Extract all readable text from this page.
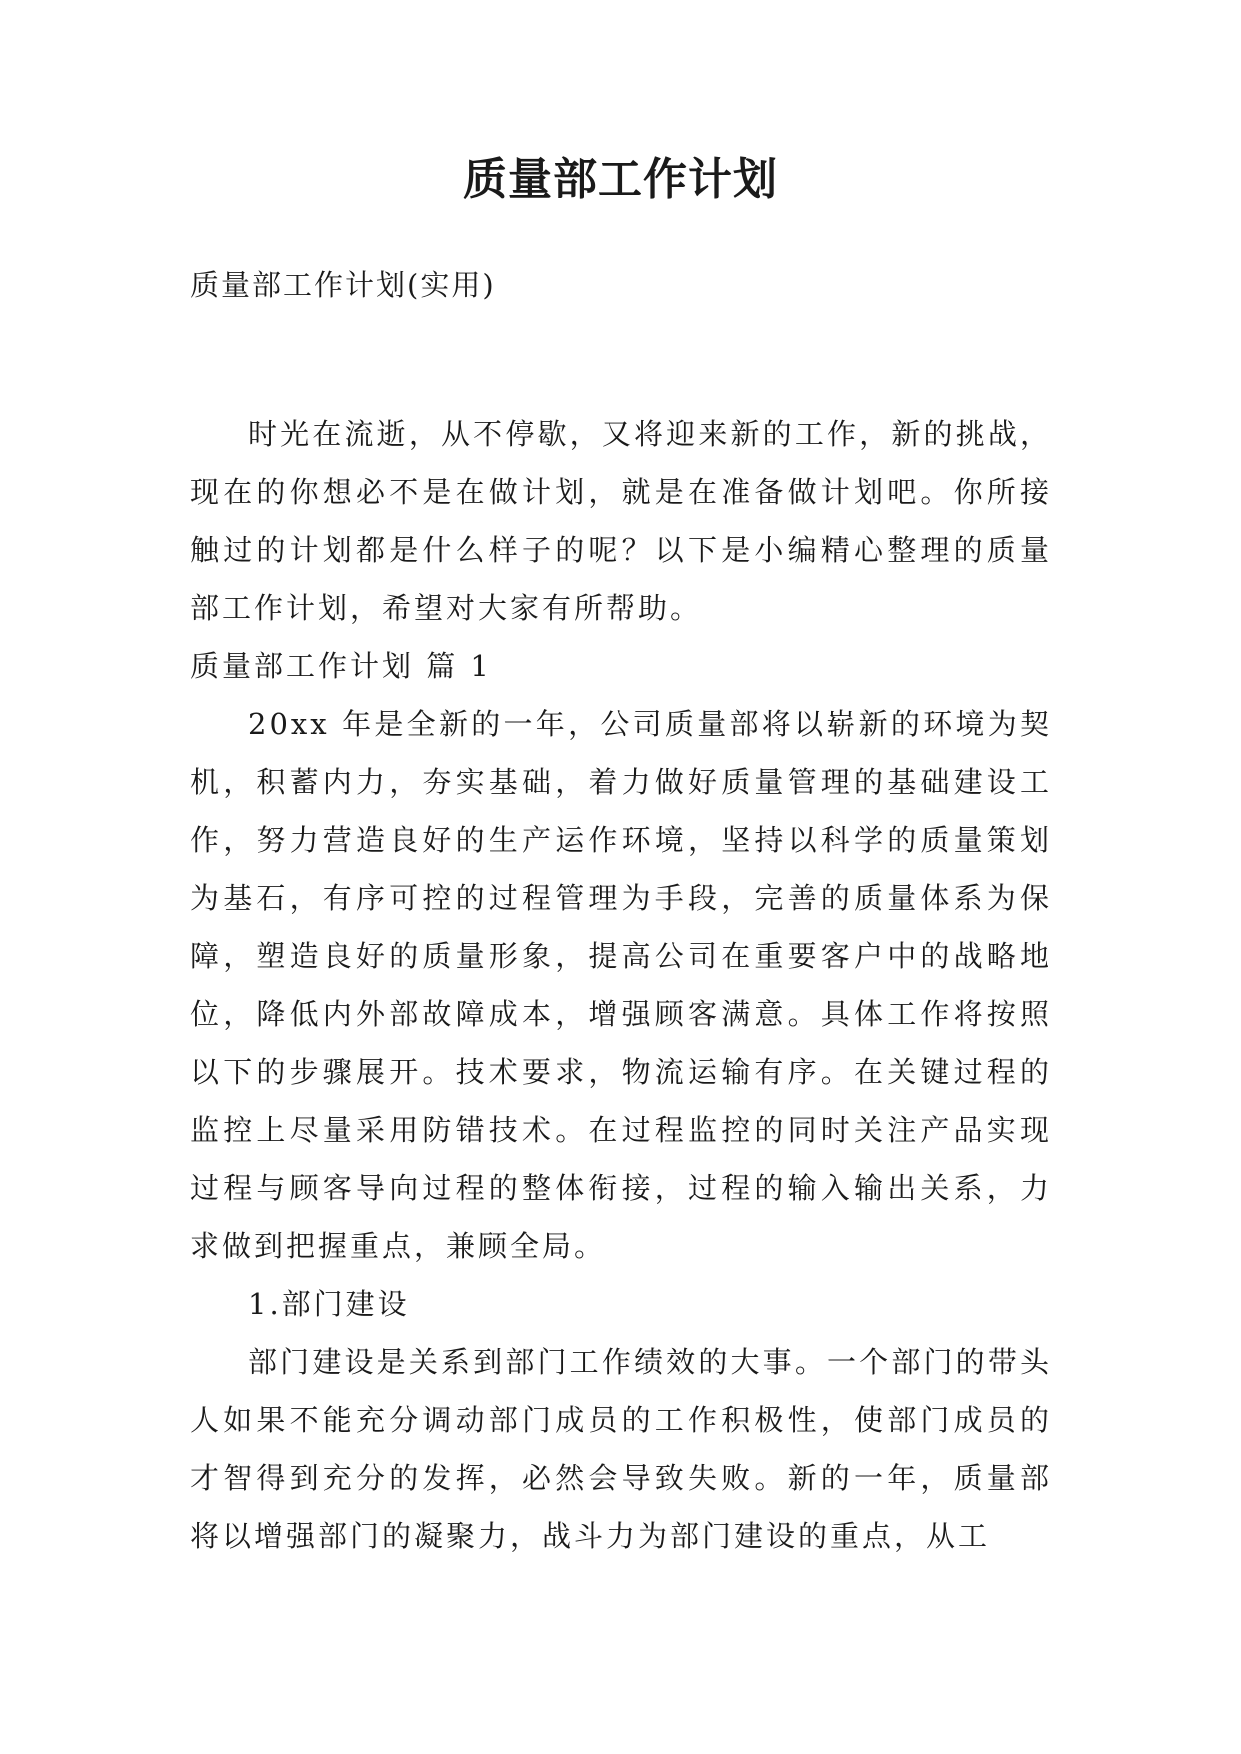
质量部工作计划
质量部工作计划(实用)

时光在流逝，从不停歇，又将迎来新的工作，新的挑战，现在的你想必不是在做计划，就是在准备做计划吧。你所接触过的计划都是什么样子的呢？以下是小编精心整理的质量部工作计划，希望对大家有所帮助。

质量部工作计划 篇 1

20xx 年是全新的一年，公司质量部将以崭新的环境为契机，积蓄内力，夯实基础，着力做好质量管理的基础建设工作，努力营造良好的生产运作环境，坚持以科学的质量策划为基石，有序可控的过程管理为手段，完善的质量体系为保障，塑造良好的质量形象，提高公司在重要客户中的战略地位，降低内外部故障成本，增强顾客满意。具体工作将按照以下的步骤展开。技术要求，物流运输有序。在关键过程的监控上尽量采用防错技术。在过程监控的同时关注产品实现过程与顾客导向过程的整体衔接，过程的输入输出关系，力求做到把握重点，兼顾全局。

1.部门建设

部门建设是关系到部门工作绩效的大事。一个部门的带头人如果不能充分调动部门成员的工作积极性，使部门成员的才智得到充分的发挥，必然会导致失败。新的一年，质量部将以增强部门的凝聚力，战斗力为部门建设的重点，从工
